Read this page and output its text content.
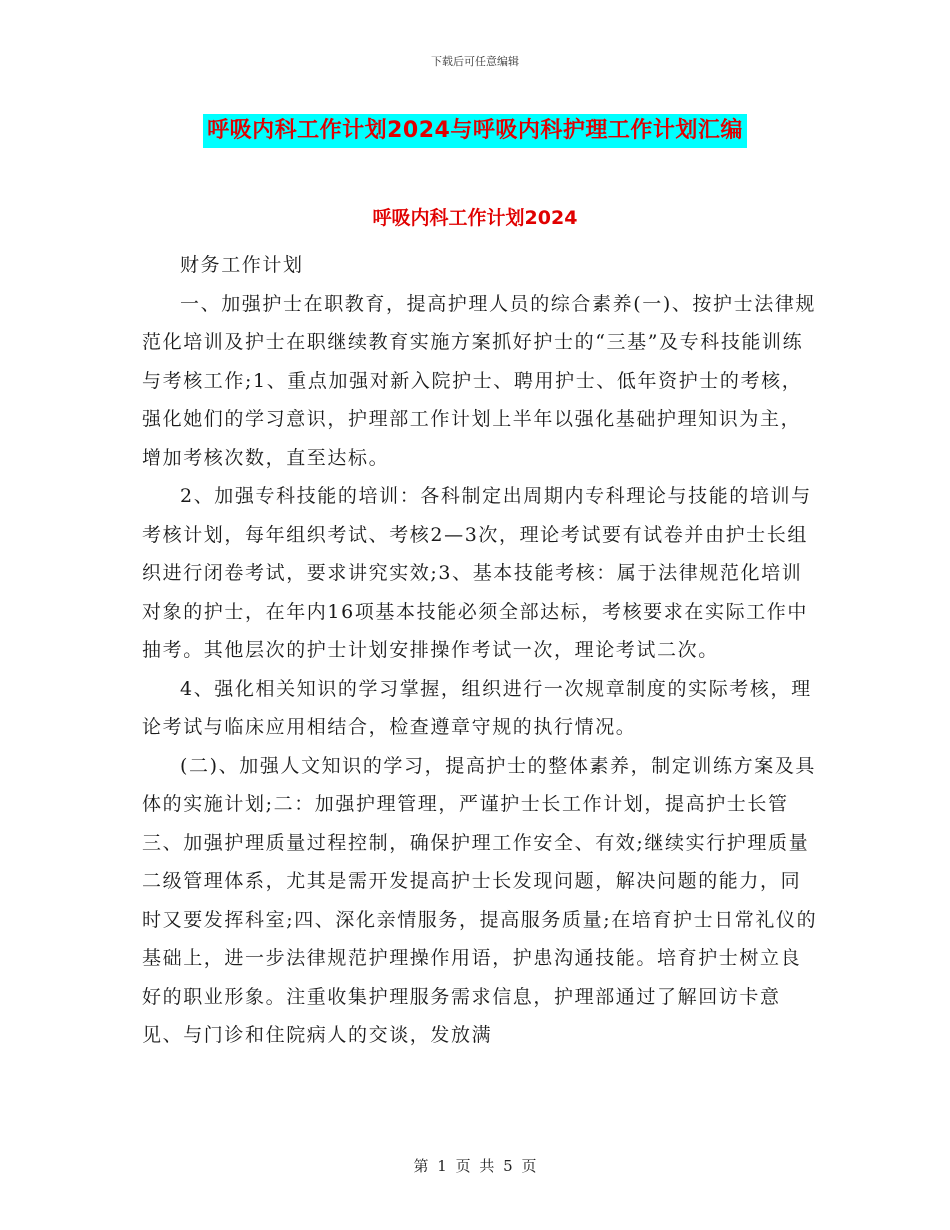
下载后可任意编辑
呼吸内科工作计划2024与呼吸内科护理工作计划汇编
呼吸内科工作计划2024

财务工作计划

一、加强护士在职教育，提高护理人员的综合素养(一)、按护士法律规范化培训及护士在职继续教育实施方案抓好护士的“三基”及专科技能训练与考核工作;1、重点加强对新入院护士、聘用护士、低年资护士的考核，强化她们的学习意识，护理部工作计划上半年以强化基础护理知识为主，增加考核次数，直至达标。

2、加强专科技能的培训：各科制定出周期内专科理论与技能的培训与考核计划，每年组织考试、考核2—3次，理论考试要有试卷并由护士长组织进行闭卷考试，要求讲究实效;3、基本技能考核：属于法律规范化培训对象的护士，在年内16项基本技能必须全部达标，考核要求在实际工作中抽考。其他层次的护士计划安排操作考试一次，理论考试二次。

4、强化相关知识的学习掌握，组织进行一次规章制度的实际考核，理论考试与临床应用相结合，检查遵章守规的执行情况。

(二)、加强人文知识的学习，提高护士的整体素养，制定训练方案及具体的实施计划;二：加强护理管理，严谨护士长工作计划，提高护士长管三、加强护理质量过程控制，确保护理工作安全、有效;继续实行护理质量二级管理体系，尤其是需开发提高护士长发现问题，解决问题的能力，同时又要发挥科室;四、深化亲情服务，提高服务质量;在培育护士日常礼仪的基础上，进一步法律规范护理操作用语，护患沟通技能。培育护士树立良好的职业形象。注重收集护理服务需求信息，护理部通过了解回访卡意见、与门诊和住院病人的交谈，发放满

第 1 页 共 5 页
